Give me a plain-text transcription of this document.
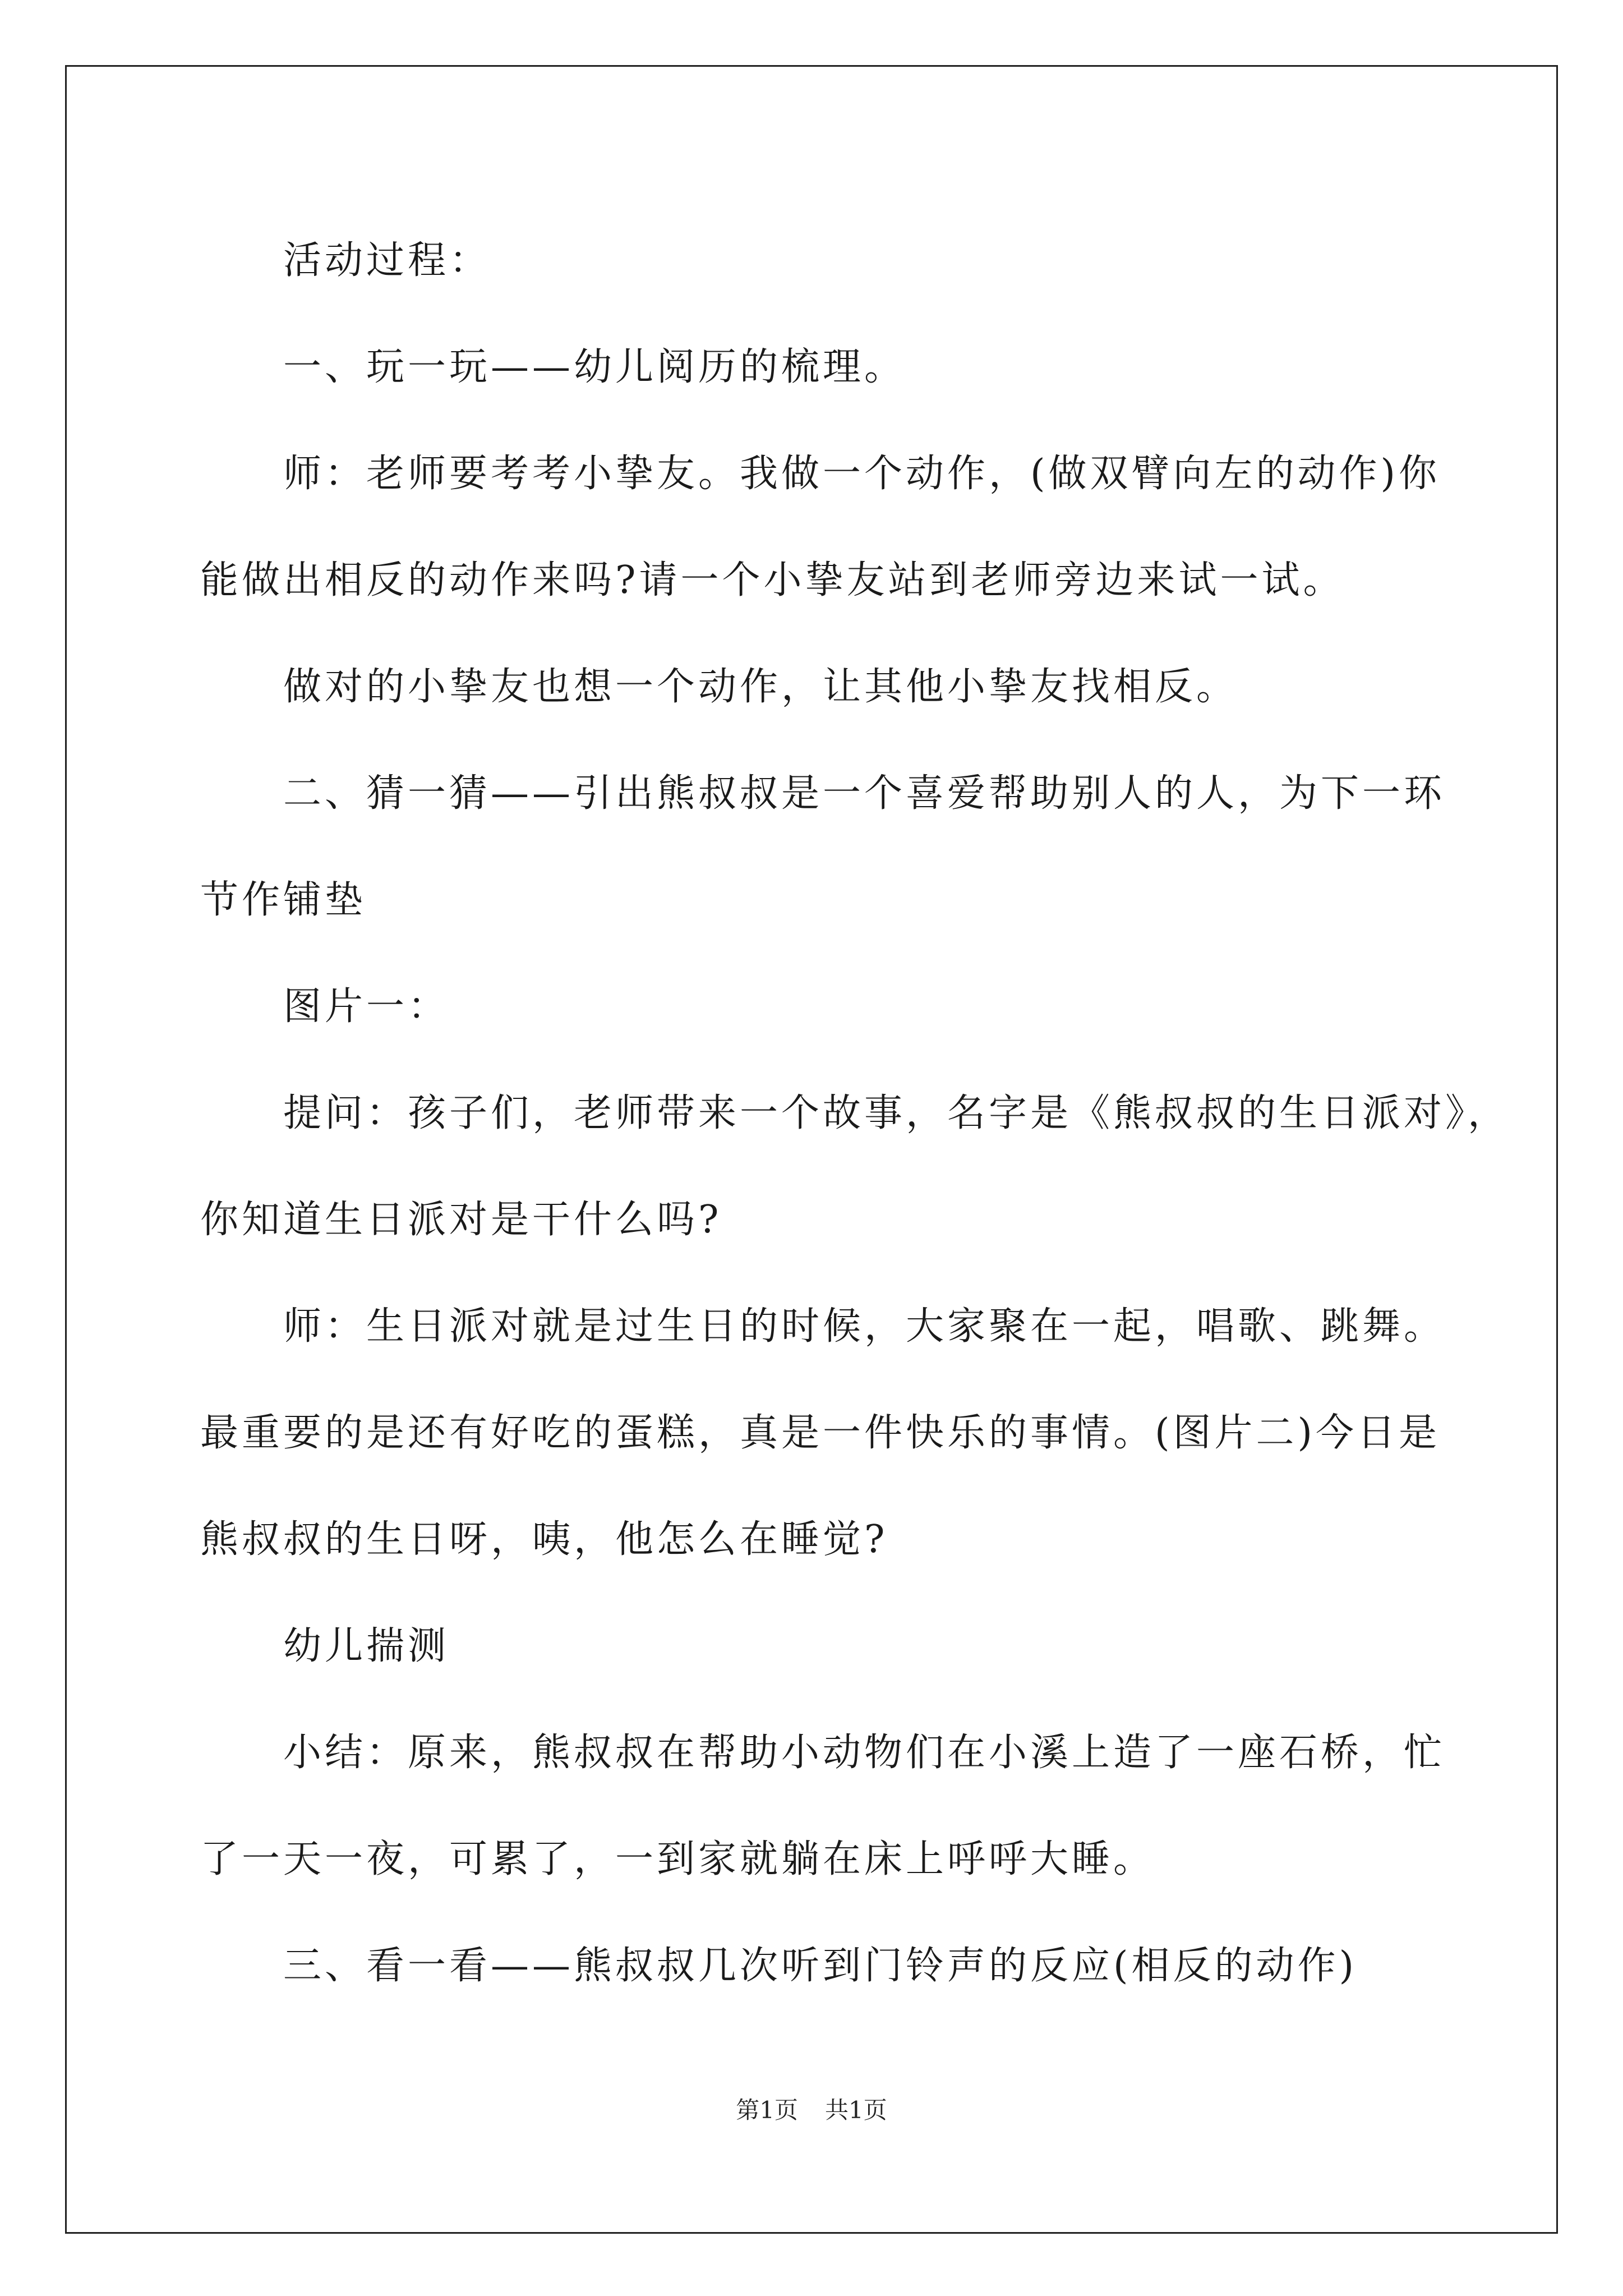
活动过程：

一、玩一玩——幼儿阅历的梳理。

师：老师要考考小挚友。我做一个动作，(做双臂向左的动作)你

能做出相反的动作来吗?请一个小挚友站到老师旁边来试一试。

做对的小挚友也想一个动作，让其他小挚友找相反。

二、猜一猜——引出熊叔叔是一个喜爱帮助别人的人，为下一环

节作铺垫

图片一：

提问：孩子们，老师带来一个故事，名字是《熊叔叔的生日派对》，

你知道生日派对是干什么吗?

师：生日派对就是过生日的时候，大家聚在一起，唱歌、跳舞。

最重要的是还有好吃的蛋糕，真是一件快乐的事情。(图片二)今日是

熊叔叔的生日呀，咦，他怎么在睡觉?

幼儿揣测

小结：原来，熊叔叔在帮助小动物们在小溪上造了一座石桥，忙

了一天一夜，可累了，一到家就躺在床上呼呼大睡。

三、看一看——熊叔叔几次听到门铃声的反应(相反的动作)

第1页 共1页
